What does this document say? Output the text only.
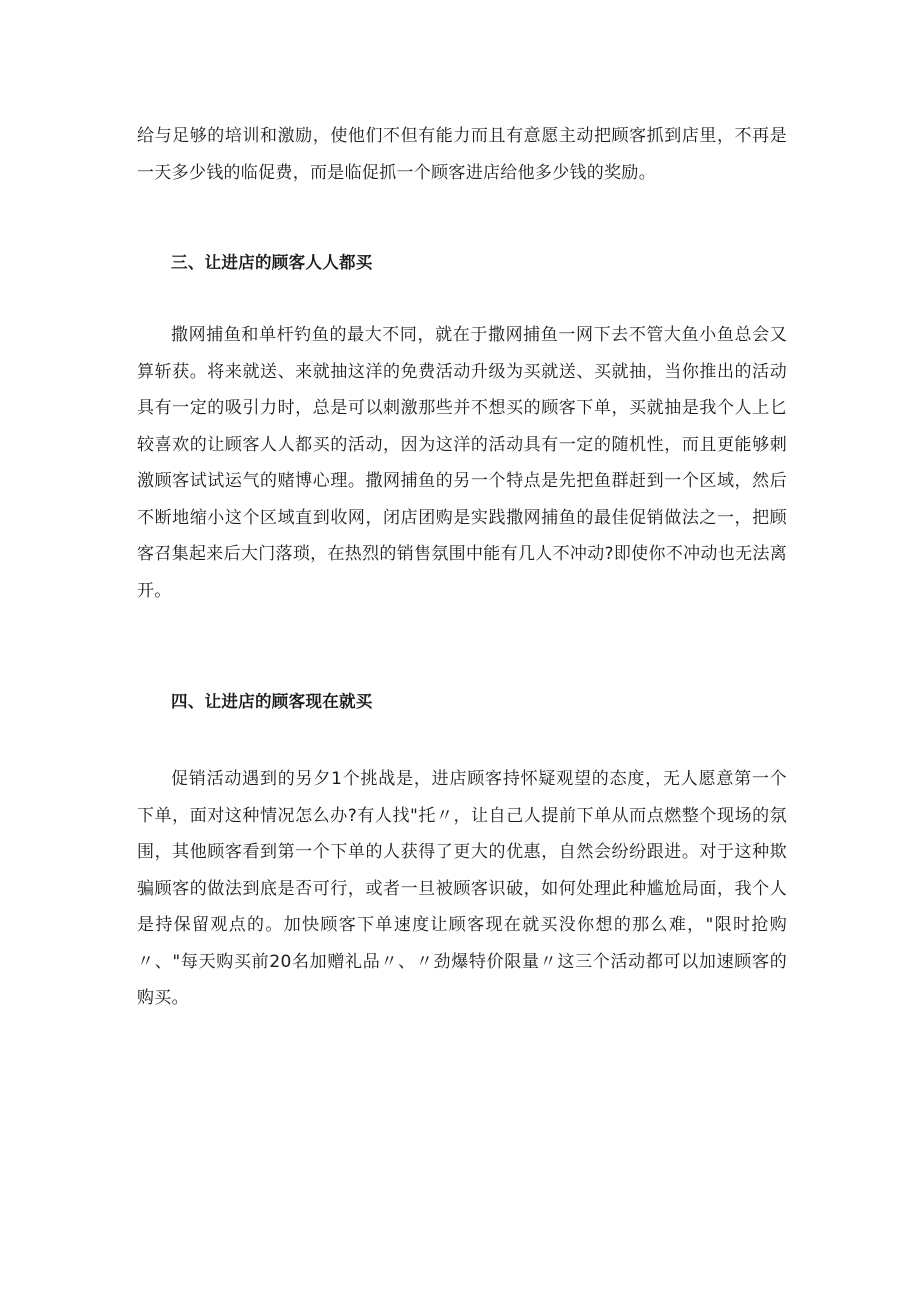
给与足够的培训和激励，使他们不但有能力而且有意愿主动把顾客抓到店里，不再是一天多少钱的临促费，而是临促抓一个顾客进店给他多少钱的奖励。

三、让进店的顾客人人都买

撒网捕鱼和单杆钓鱼的最大不同，就在于撒网捕鱼一网下去不管大鱼小鱼总会又算斩获。将来就送、来就抽这洋的免费活动升级为买就送、买就抽，当你推出的活动具有一定的吸引力时，总是可以刺激那些并不想买的顾客下单，买就抽是我个人上匕较喜欢的让顾客人人都买的活动，因为这洋的活动具有一定的随机性，而且更能够刺激顾客试试运气的赌博心理。撒网捕鱼的另一个特点是先把鱼群赶到一个区域，然后不断地缩小这个区域直到收网，闭店团购是实践撒网捕鱼的最佳促销做法之一，把顾客召集起来后大门落琐，在热烈的销售氛围中能有几人不冲动?即使你不冲动也无法离开。

四、让进店的顾客现在就买

促销活动遇到的另夕1个挑战是，进店顾客持怀疑观望的态度，无人愿意第一个下单，面对这种情况怎么办?有人找"托〃，让自己人提前下单从而点燃整个现场的氛围，其他顾客看到第一个下单的人获得了更大的优惠，自然会纷纷跟进。对于这种欺骗顾客的做法到底是否可行，或者一旦被顾客识破，如何处理此种尴尬局面，我个人是持保留观点的。加快顾客下单速度让顾客现在就买没你想的那么难，"限时抢购〃、"每天购买前20名加赠礼品〃、〃劲爆特价限量〃这三个活动都可以加速顾客的购买。
